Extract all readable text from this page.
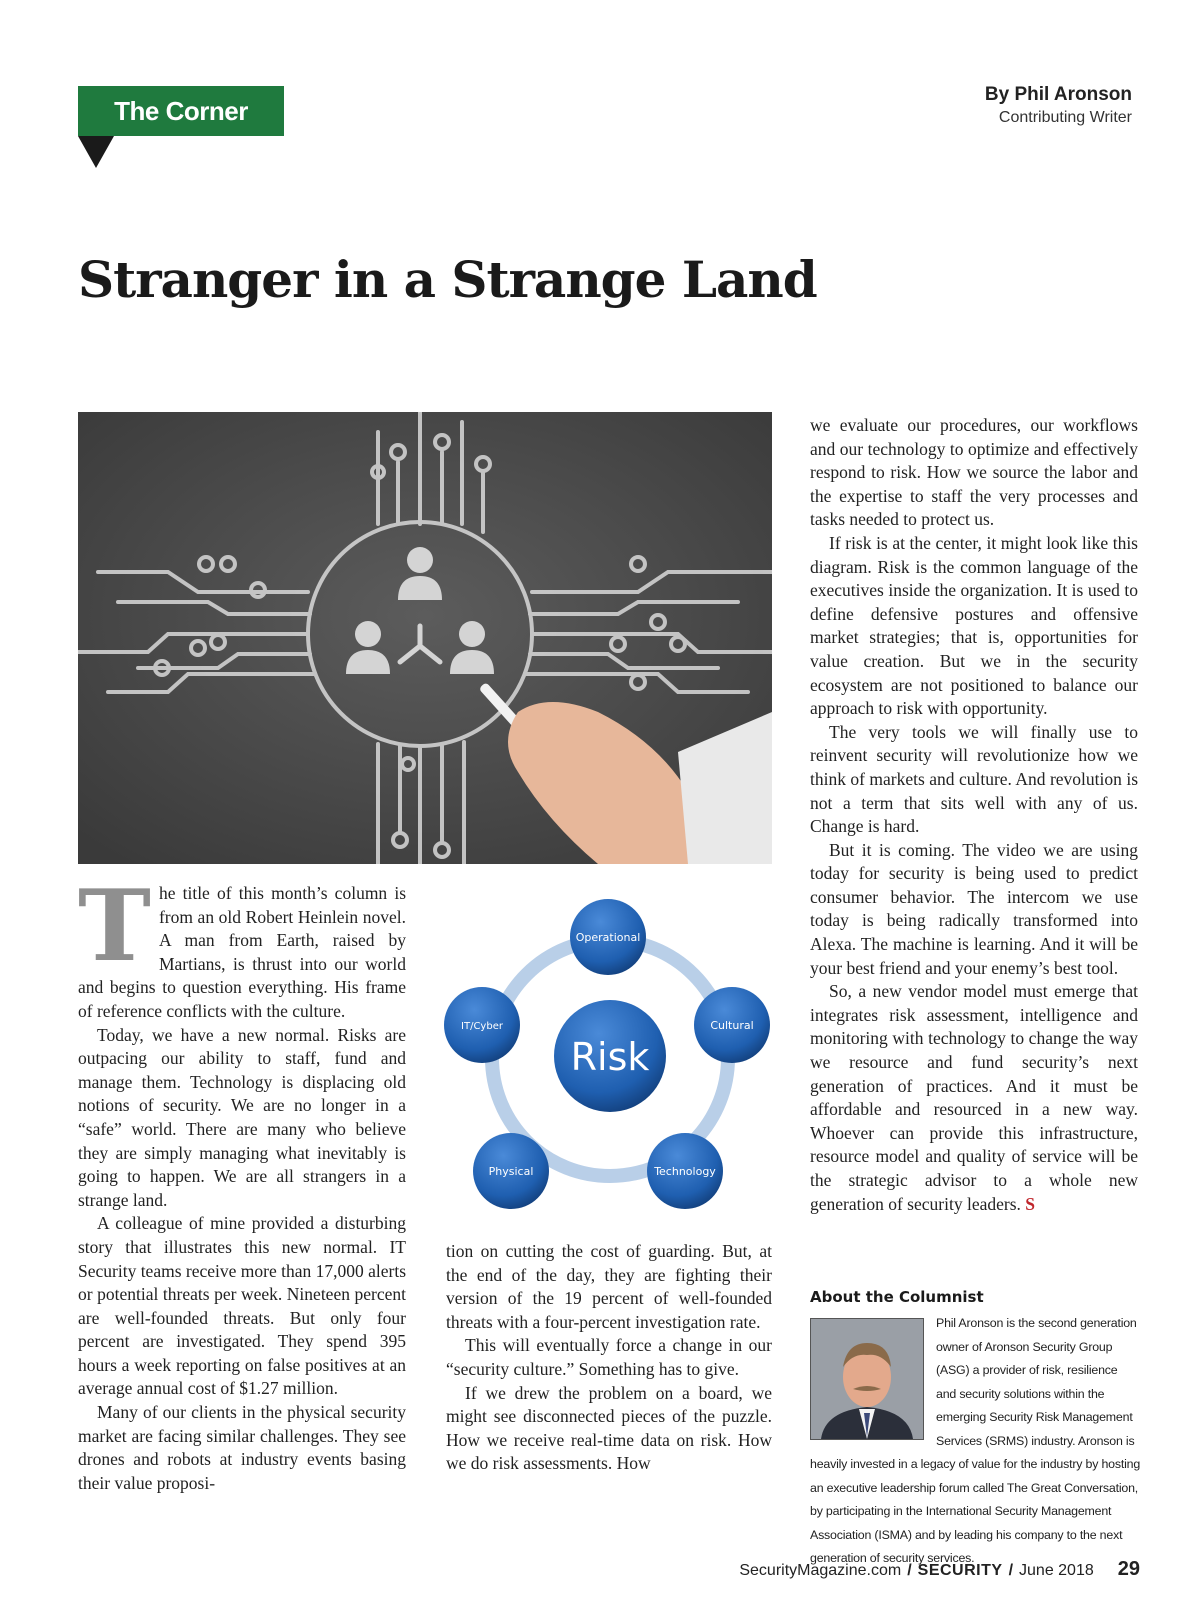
The Corner Office
By Phil Aronson
Contributing Writer
Stranger in a Strange Land

The title of this month’s column is from an old Robert Heinlein novel. A man from Earth, raised by Martians, is thrust into our world and begins to question everything. His frame of reference conflicts with the culture.

Today, we have a new normal. Risks are outpacing our ability to staff, fund and manage them. Technology is displacing old notions of security. We are no longer in a “safe” world. There are many who believe they are simply managing what inevitably is going to happen. We are all strangers in a strange land.

A colleague of mine provided a disturbing story that illustrates this new normal. IT Security teams receive more than 17,000 alerts or potential threats per week. Nineteen percent are well-founded threats. But only four percent are investigated. They spend 395 hours a week reporting on false positives at an average annual cost of $1.27 million.

Many of our clients in the physical security market are facing similar challenges. They see drones and robots at industry events basing their value proposi-

Risk
Operational
Cultural
Technology
Physical
IT/Cyber

tion on cutting the cost of guarding. But, at the end of the day, they are fighting their version of the 19 percent of well-founded threats with a four-percent investigation rate.

This will eventually force a change in our “security culture.” Something has to give.

If we drew the problem on a board, we might see disconnected pieces of the puzzle. How we receive real-time data on risk. How we do risk assessments. How

we evaluate our procedures, our workflows and our technology to optimize and effectively respond to risk. How we source the labor and the expertise to staff the very processes and tasks needed to protect us.

If risk is at the center, it might look like this diagram. Risk is the common language of the executives inside the organization. It is used to define defensive postures and offensive market strategies; that is, opportunities for value creation. But we in the security ecosystem are not positioned to balance our approach to risk with opportunity.

The very tools we will finally use to reinvent security will revolutionize how we think of markets and culture. And revolution is not a term that sits well with any of us. Change is hard.

But it is coming. The video we are using today for security is being used to predict consumer behavior. The intercom we use today is being radically transformed into Alexa. The machine is learning. And it will be your best friend and your enemy’s best tool.

So, a new vendor model must emerge that integrates risk assessment, intelligence and monitoring with technology to change the way we resource and fund security’s next generation of practices. And it must be affordable and resourced in a new way. Whoever can provide this infrastructure, resource model and quality of service will be the strategic advisor to a whole new generation of security leaders. S

About the Columnist
Phil Aronson is the second generation owner of Aronson Security Group (ASG) a provider of risk, resilience and security solutions within the emerging Security Risk Management Services (SRMS) industry. Aronson is heavily invested in a legacy of value for the industry by hosting an executive leadership forum called The Great Conversation, by participating in the International Security Management Association (ISMA) and by leading his company to the next generation of security services.
SecurityMagazine.com / SECURITY / June 2018 29
